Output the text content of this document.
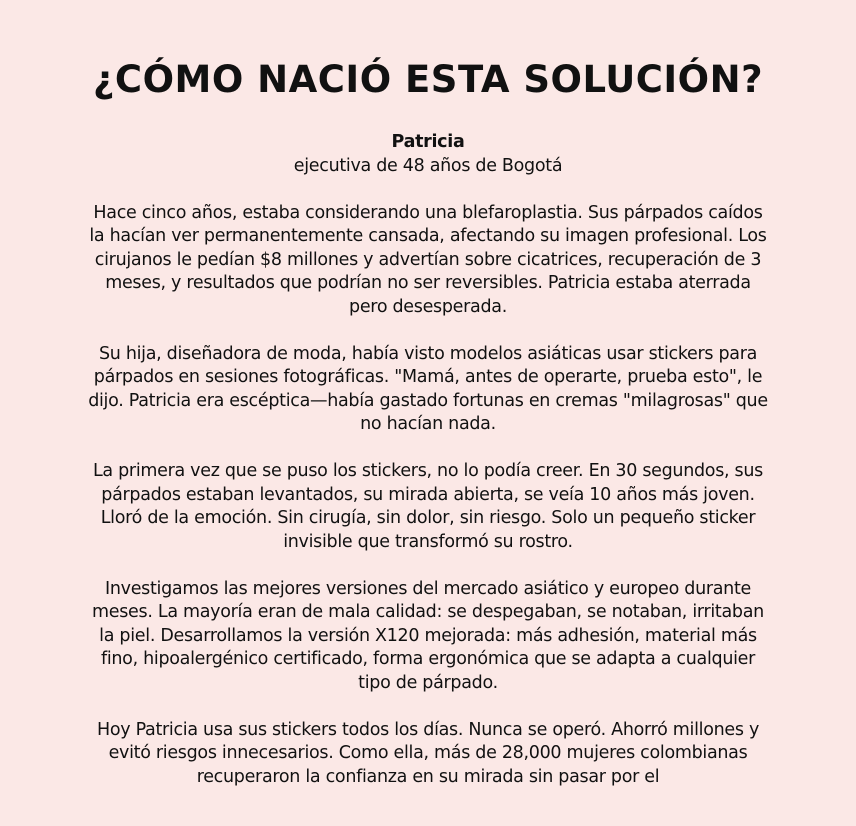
¿CÓMO NACIÓ ESTA SOLUCIÓN?

Patricia
ejecutiva de 48 años de Bogotá

Hace cinco años, estaba considerando una blefaroplastia. Sus párpados caídos la hacían ver permanentemente cansada, afectando su imagen profesional. Los cirujanos le pedían $8 millones y advertían sobre cicatrices, recuperación de 3 meses, y resultados que podrían no ser reversibles. Patricia estaba aterrada pero desesperada.

Su hija, diseñadora de moda, había visto modelos asiáticas usar stickers para párpados en sesiones fotográficas. "Mamá, antes de operarte, prueba esto", le dijo. Patricia era escéptica—había gastado fortunas en cremas "milagrosas" que no hacían nada.

La primera vez que se puso los stickers, no lo podía creer. En 30 segundos, sus párpados estaban levantados, su mirada abierta, se veía 10 años más joven. Lloró de la emoción. Sin cirugía, sin dolor, sin riesgo. Solo un pequeño sticker invisible que transformó su rostro.

Investigamos las mejores versiones del mercado asiático y europeo durante meses. La mayoría eran de mala calidad: se despegaban, se notaban, irritaban la piel. Desarrollamos la versión X120 mejorada: más adhesión, material más fino, hipoalergénico certificado, forma ergonómica que se adapta a cualquier tipo de párpado.

Hoy Patricia usa sus stickers todos los días. Nunca se operó. Ahorró millones y evitó riesgos innecesarios. Como ella, más de 28,000 mujeres colombianas recuperaron la confianza en su mirada sin pasar por el
